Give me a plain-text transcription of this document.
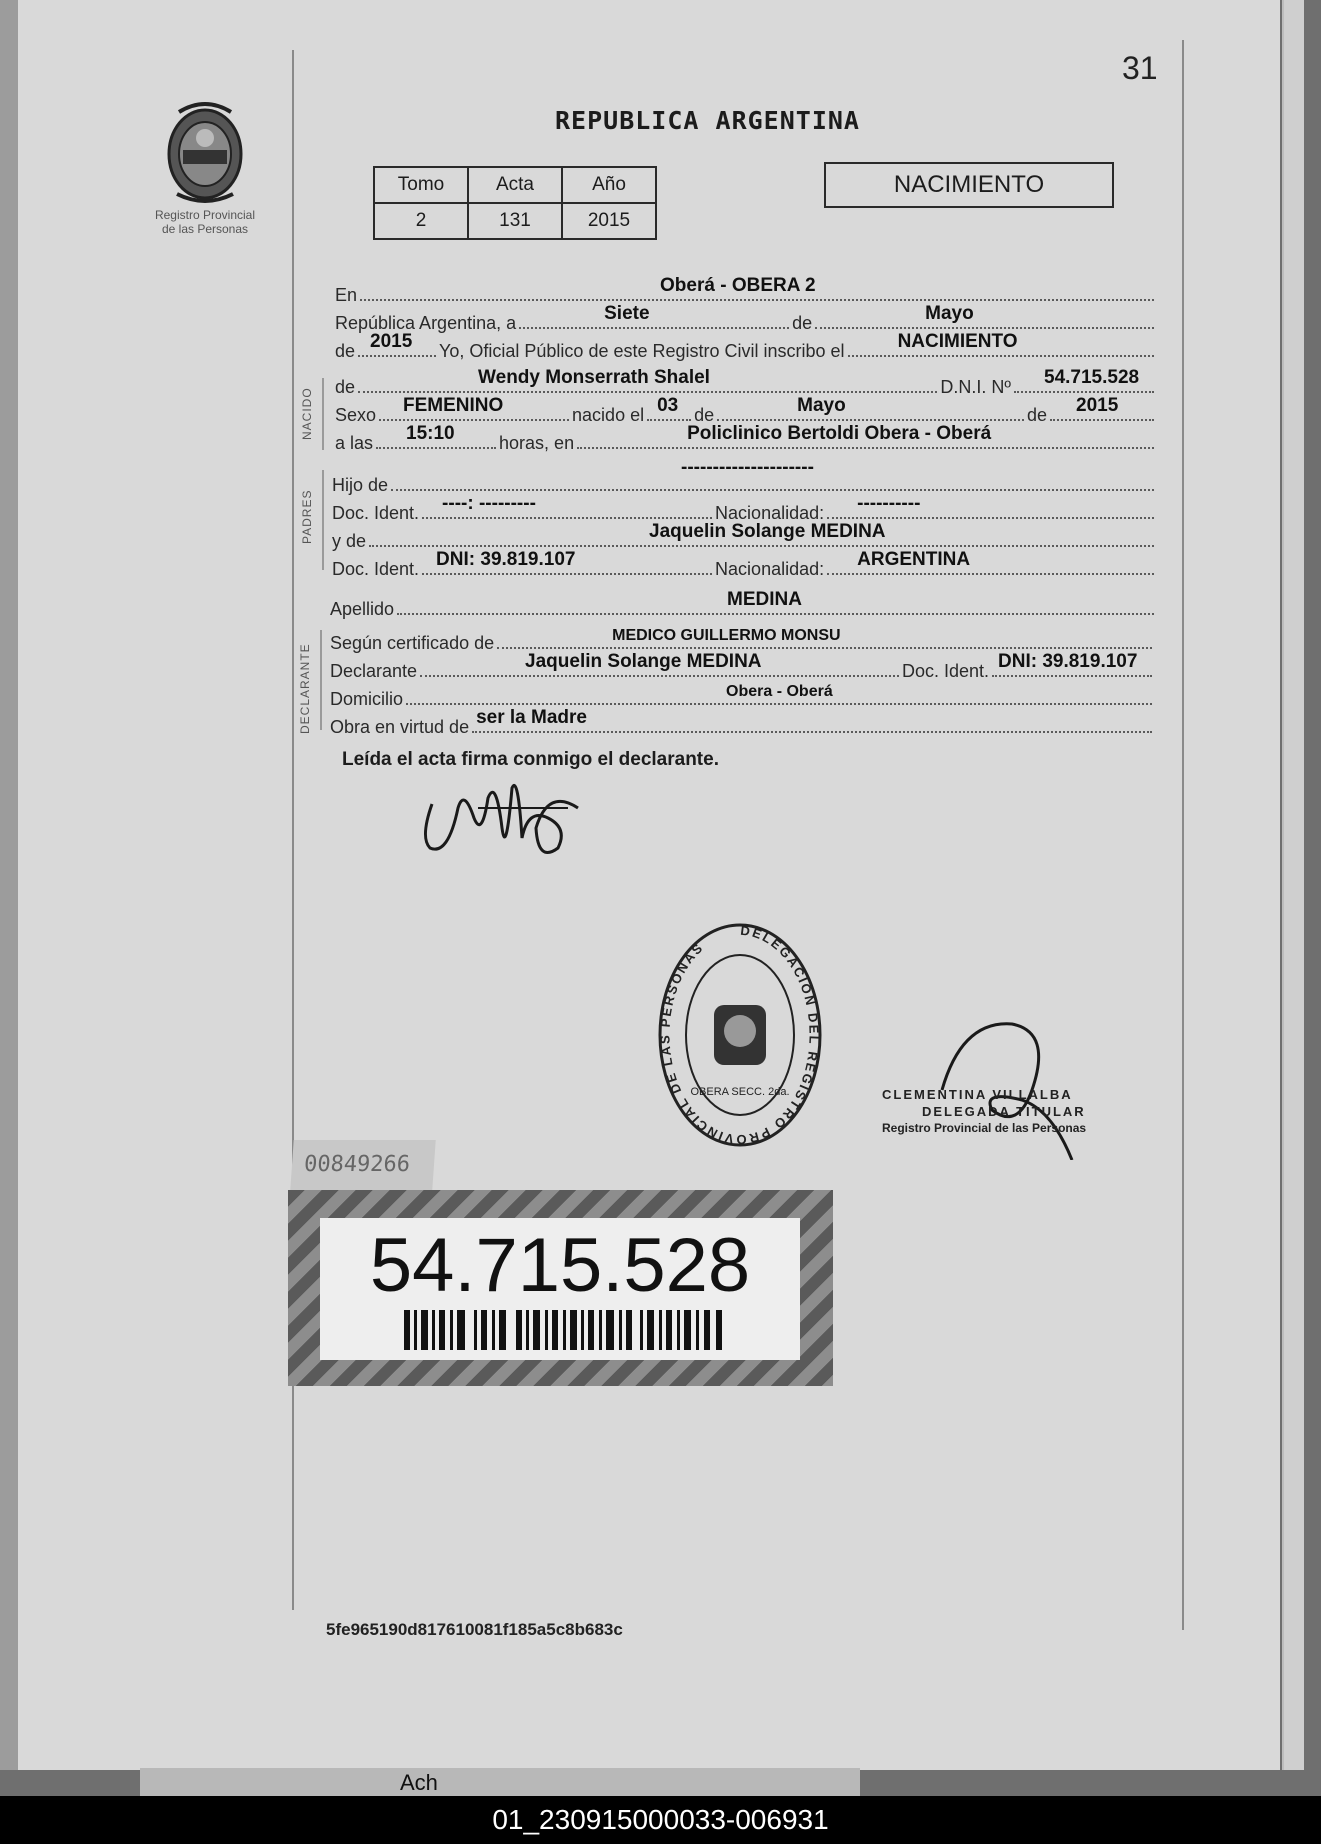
31
Registro Provincial
de las Personas
REPUBLICA ARGENTINA
Tomo	Acta	Año
2	131	2015
NACIMIENTO
En	Oberá - OBERA 2
República Argentina, a	Siete	de	Mayo
de 2015 Yo, Oficial Público de este Registro Civil inscribo el	NACIMIENTO
NACIDO
de	Wendy Monserrath Shalel	D.N.I. Nº 54.715.528
Sexo FEMENINO	nacido el 03 de	Mayo	de 2015
a las 15:10 horas, en	Policlinico Bertoldi Obera - Oberá
PADRES
Hijo de
---------------------
Doc. Ident. ----: ---------	Nacionalidad: ----------
y de	Jaquelin Solange MEDINA
Doc. Ident. DNI: 39.819.107	Nacionalidad: ARGENTINA
Apellido	MEDINA
DECLARANTE
Según certificado de	MEDICO GUILLERMO MONSU
Declarante	Jaquelin Solange MEDINA	Doc. Ident. DNI: 39.819.107
Domicilio	Obera - Oberá
Obra en virtud de ser la Madre
Leída el acta firma conmigo el declarante.
DELEGACION DEL REGISTRO PROVINCIAL DE LAS PERSONAS
OBERA SECC. 2da.	CLEMENTINA VILLALBA
DELEGADA TITULAR
Registro Provincial de las Personas
00849266
54.715.528
5fe965190d817610081f185a5c8b683c
Ach
01_230915000033-006931
